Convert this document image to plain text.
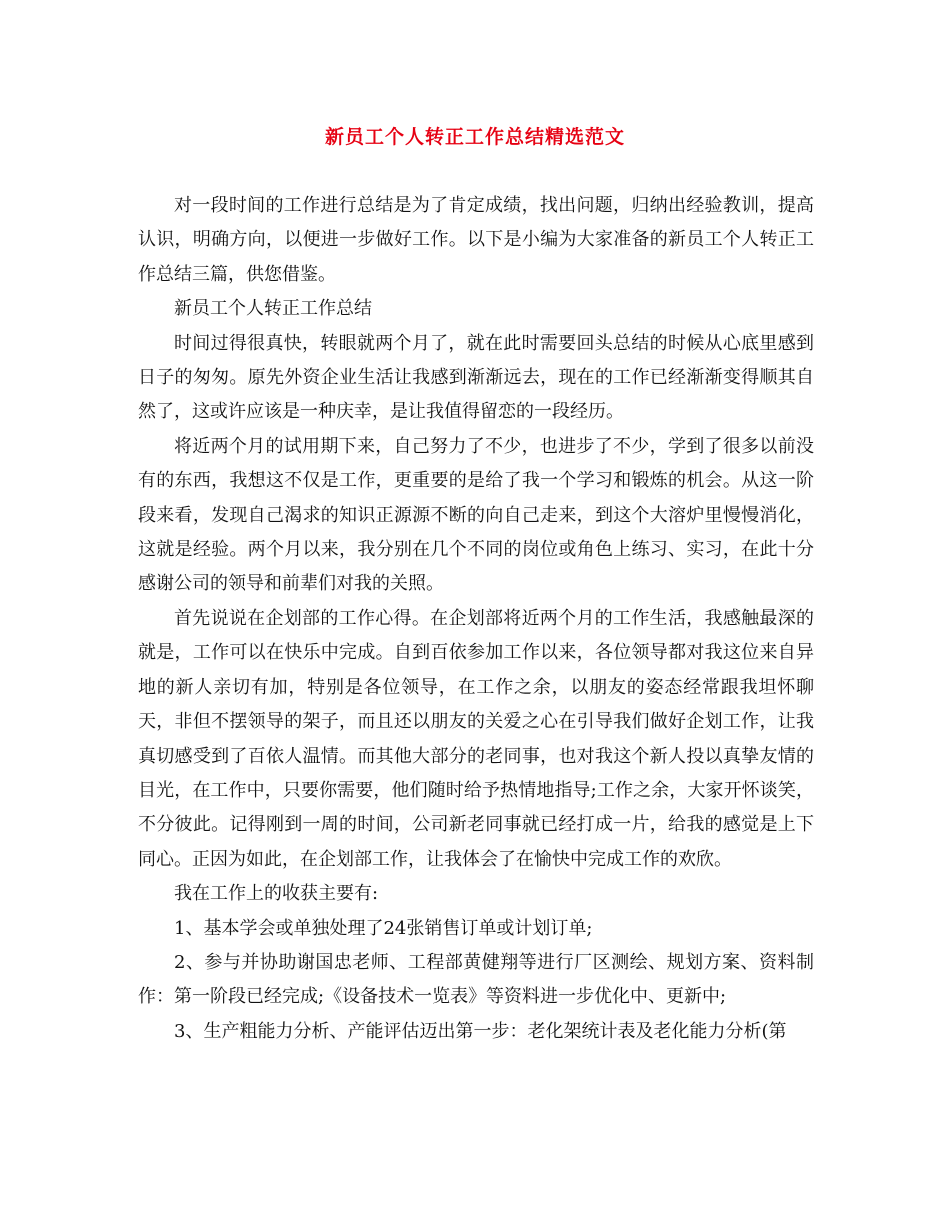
新员工个人转正工作总结精选范文

对一段时间的工作进行总结是为了肯定成绩，找出问题，归纳出经验教训，提高认识，明确方向，以便进一步做好工作。以下是小编为大家准备的新员工个人转正工作总结三篇，供您借鉴。

新员工个人转正工作总结

时间过得很真快，转眼就两个月了，就在此时需要回头总结的时候从心底里感到日子的匆匆。原先外资企业生活让我感到渐渐远去，现在的工作已经渐渐变得顺其自然了，这或许应该是一种庆幸，是让我值得留恋的一段经历。

将近两个月的试用期下来，自己努力了不少，也进步了不少，学到了很多以前没有的东西，我想这不仅是工作，更重要的是给了我一个学习和锻炼的机会。从这一阶段来看，发现自己渴求的知识正源源不断的向自己走来，到这个大溶炉里慢慢消化，这就是经验。两个月以来，我分别在几个不同的岗位或角色上练习、实习，在此十分感谢公司的领导和前辈们对我的关照。

首先说说在企划部的工作心得。在企划部将近两个月的工作生活，我感触最深的就是，工作可以在快乐中完成。自到百依参加工作以来，各位领导都对我这位来自异地的新人亲切有加，特别是各位领导，在工作之余，以朋友的姿态经常跟我坦怀聊天，非但不摆领导的架子，而且还以朋友的关爱之心在引导我们做好企划工作，让我真切感受到了百依人温情。而其他大部分的老同事，也对我这个新人投以真挚友情的目光，在工作中，只要你需要，他们随时给予热情地指导;工作之余，大家开怀谈笑，不分彼此。记得刚到一周的时间，公司新老同事就已经打成一片，给我的感觉是上下同心。正因为如此，在企划部工作，让我体会了在愉快中完成工作的欢欣。

我在工作上的收获主要有:

1、基本学会或单独处理了24张销售订单或计划订单;

2、参与并协助谢国忠老师、工程部黄健翔等进行厂区测绘、规划方案、资料制作：第一阶段已经完成;《设备技术一览表》等资料进一步优化中、更新中;

3、生产粗能力分析、产能评估迈出第一步：老化架统计表及老化能力分析(第
